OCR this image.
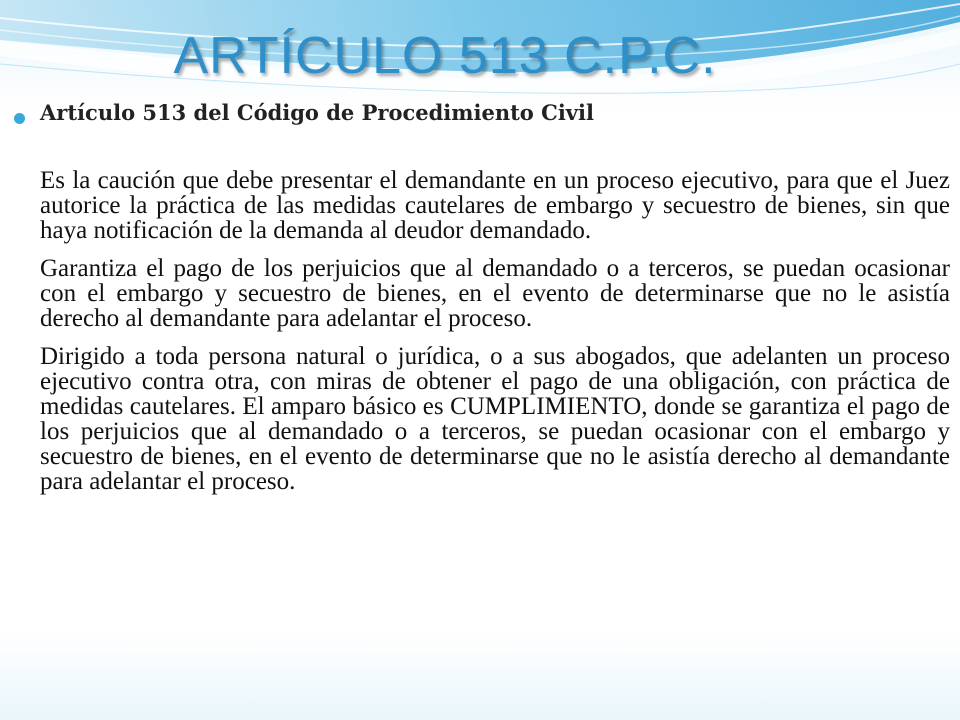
ARTÍCULO 513 C.P.C.
Artículo 513 del Código de Procedimiento Civil

Es la caución que debe presentar el demandante en un proceso ejecutivo, para que el Juez autorice la práctica de las medidas cautelares de embargo y secuestro de bienes, sin que haya notificación de la demanda al deudor demandado.

Garantiza el pago de los perjuicios que al demandado o a terceros, se puedan ocasionar con el embargo y secuestro de bienes, en el evento de determinarse que no le asistía derecho al demandante para adelantar el proceso.

Dirigido a toda persona natural o jurídica, o a sus abogados, que adelanten un proceso ejecutivo contra otra, con miras de obtener el pago de una obligación, con práctica de medidas cautelares. El amparo básico es CUMPLIMIENTO, donde se garantiza el pago de los perjuicios que al demandado o a terceros, se puedan ocasionar con el embargo y secuestro de bienes, en el evento de determinarse que no le asistía derecho al demandante para adelantar el proceso.
